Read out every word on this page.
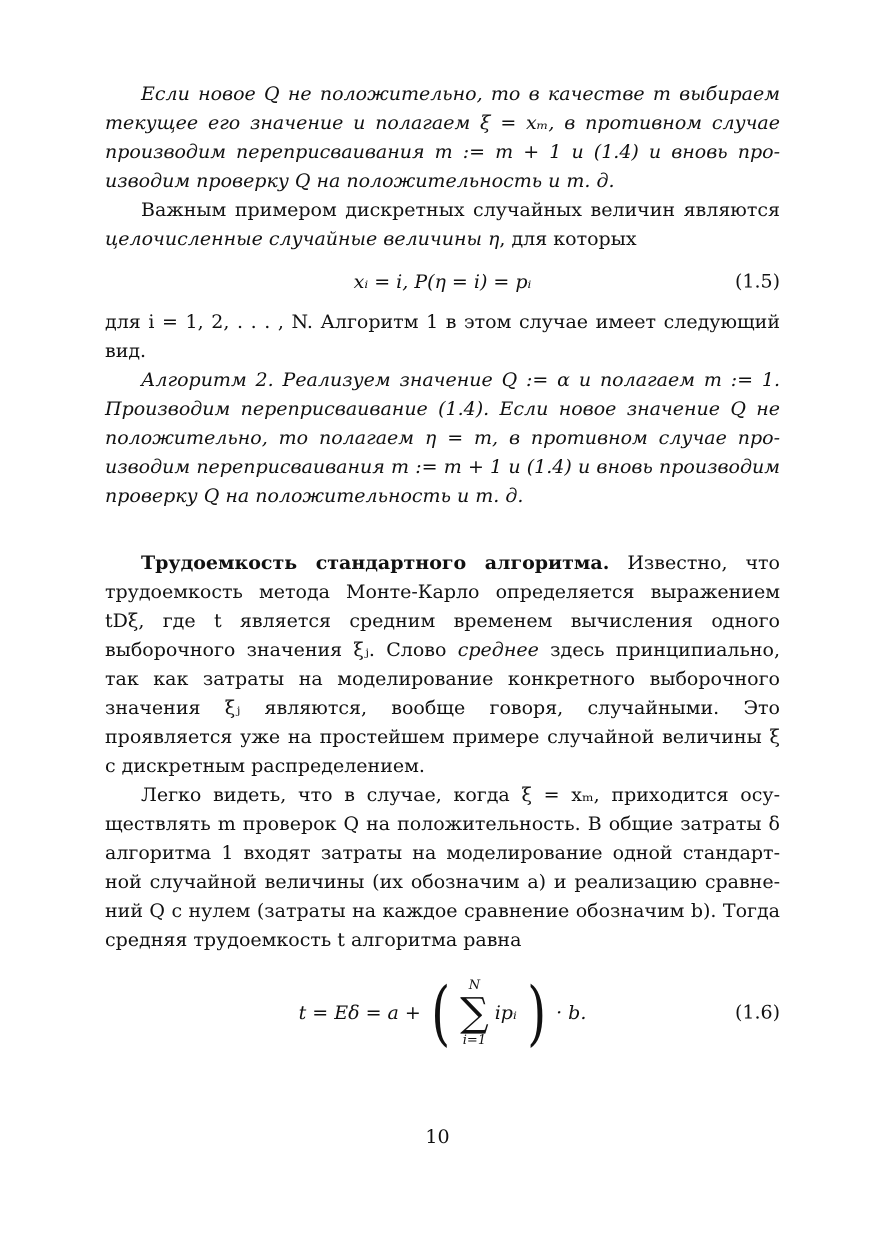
Если новое Q не положительно, то в качестве m выбираем текущее его значение и полагаем ξ = xₘ, в противном случае производим переприсваивания m := m + 1 и (1.4) и вновь производим проверку Q на положительность и т. д.

Важным примером дискретных случайных величин являются целочисленные случайные величины η, для которых

xᵢ = i, P(η = i) = pᵢ	(1.5)

для i = 1, 2, . . . , N. Алгоритм 1 в этом случае имеет следующий вид.

Алгоритм 2. Реализуем значение Q := α и полагаем m := 1. Производим переприсваивание (1.4). Если новое значение Q не положительно, то полагаем η = m, в противном случае производим переприсваивания m := m + 1 и (1.4) и вновь производим проверку Q на положительность и т. д.

Трудоемкость стандартного алгоритма. Известно, что трудоемкость метода Монте-Карло определяется выражением tDξ, где t является средним временем вычисления одного выборочного значения ξⱼ. Слово среднее здесь принципиально, так как затраты на моделирование конкретного выборочного значения ξⱼ являются, вообще говоря, случайными. Это проявляется уже на простейшем примере случайной величины ξ с дискретным распределением.

Легко видеть, что в случае, когда ξ = xₘ, приходится осуществлять m проверок Q на положительность. В общие затраты δ алгоритма 1 входят затраты на моделирование одной стандартной случайной величины (их обозначим a) и реализацию сравнений Q с нулем (затраты на каждое сравнение обозначим b). Тогда средняя трудоемкость t алгоритма равна

t = Eδ = a + ( N
∑
i=1
ipᵢ ) · b.	(1.6)
10
